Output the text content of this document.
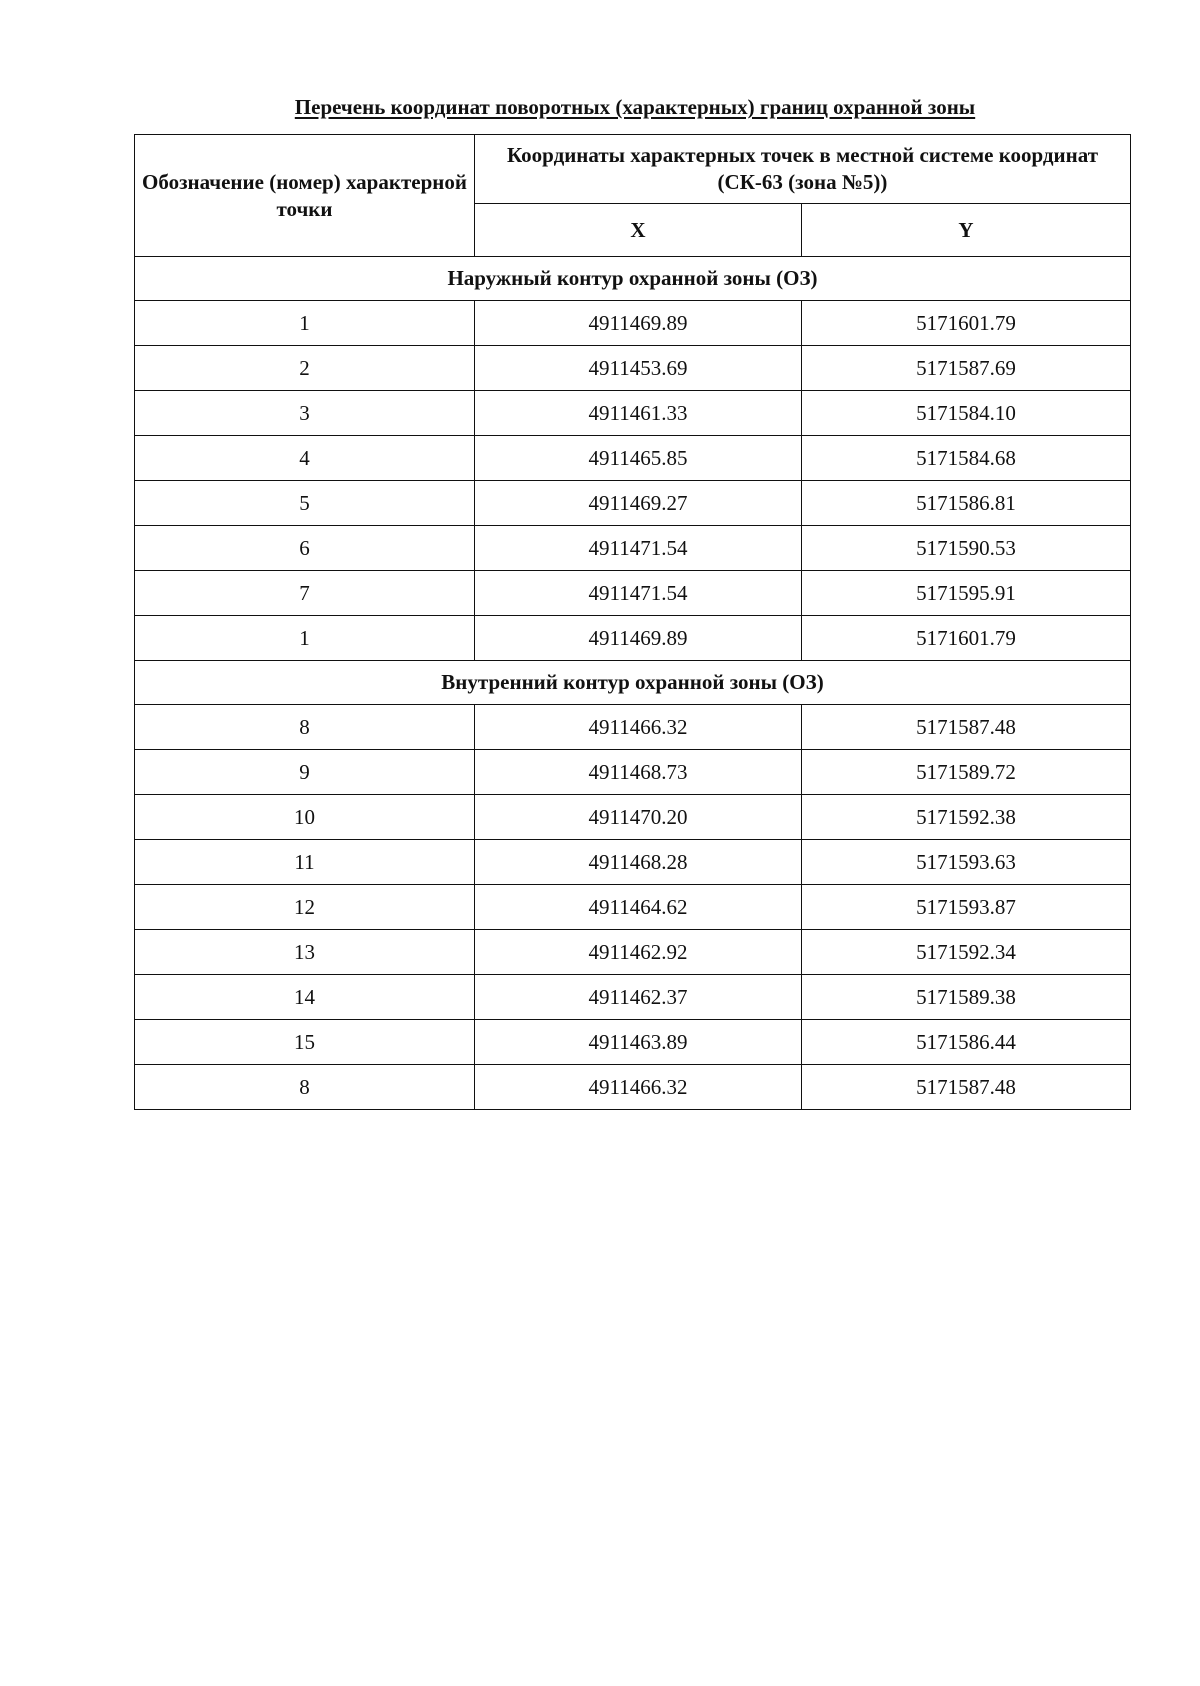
Перечень координат поворотных (характерных) границ охранной зоны
Обозначение (номер) характерной точки	Координаты характерных точек в местной системе координат (СК-63 (зона №5))	
	X	Y
Наружный контур охранной зоны (ОЗ)		
1	4911469.89	5171601.79
2	4911453.69	5171587.69
3	4911461.33	5171584.10
4	4911465.85	5171584.68
5	4911469.27	5171586.81
6	4911471.54	5171590.53
7	4911471.54	5171595.91
1	4911469.89	5171601.79
Внутренний контур охранной зоны (ОЗ)		
8	4911466.32	5171587.48
9	4911468.73	5171589.72
10	4911470.20	5171592.38
11	4911468.28	5171593.63
12	4911464.62	5171593.87
13	4911462.92	5171592.34
14	4911462.37	5171589.38
15	4911463.89	5171586.44
8	4911466.32	5171587.48
